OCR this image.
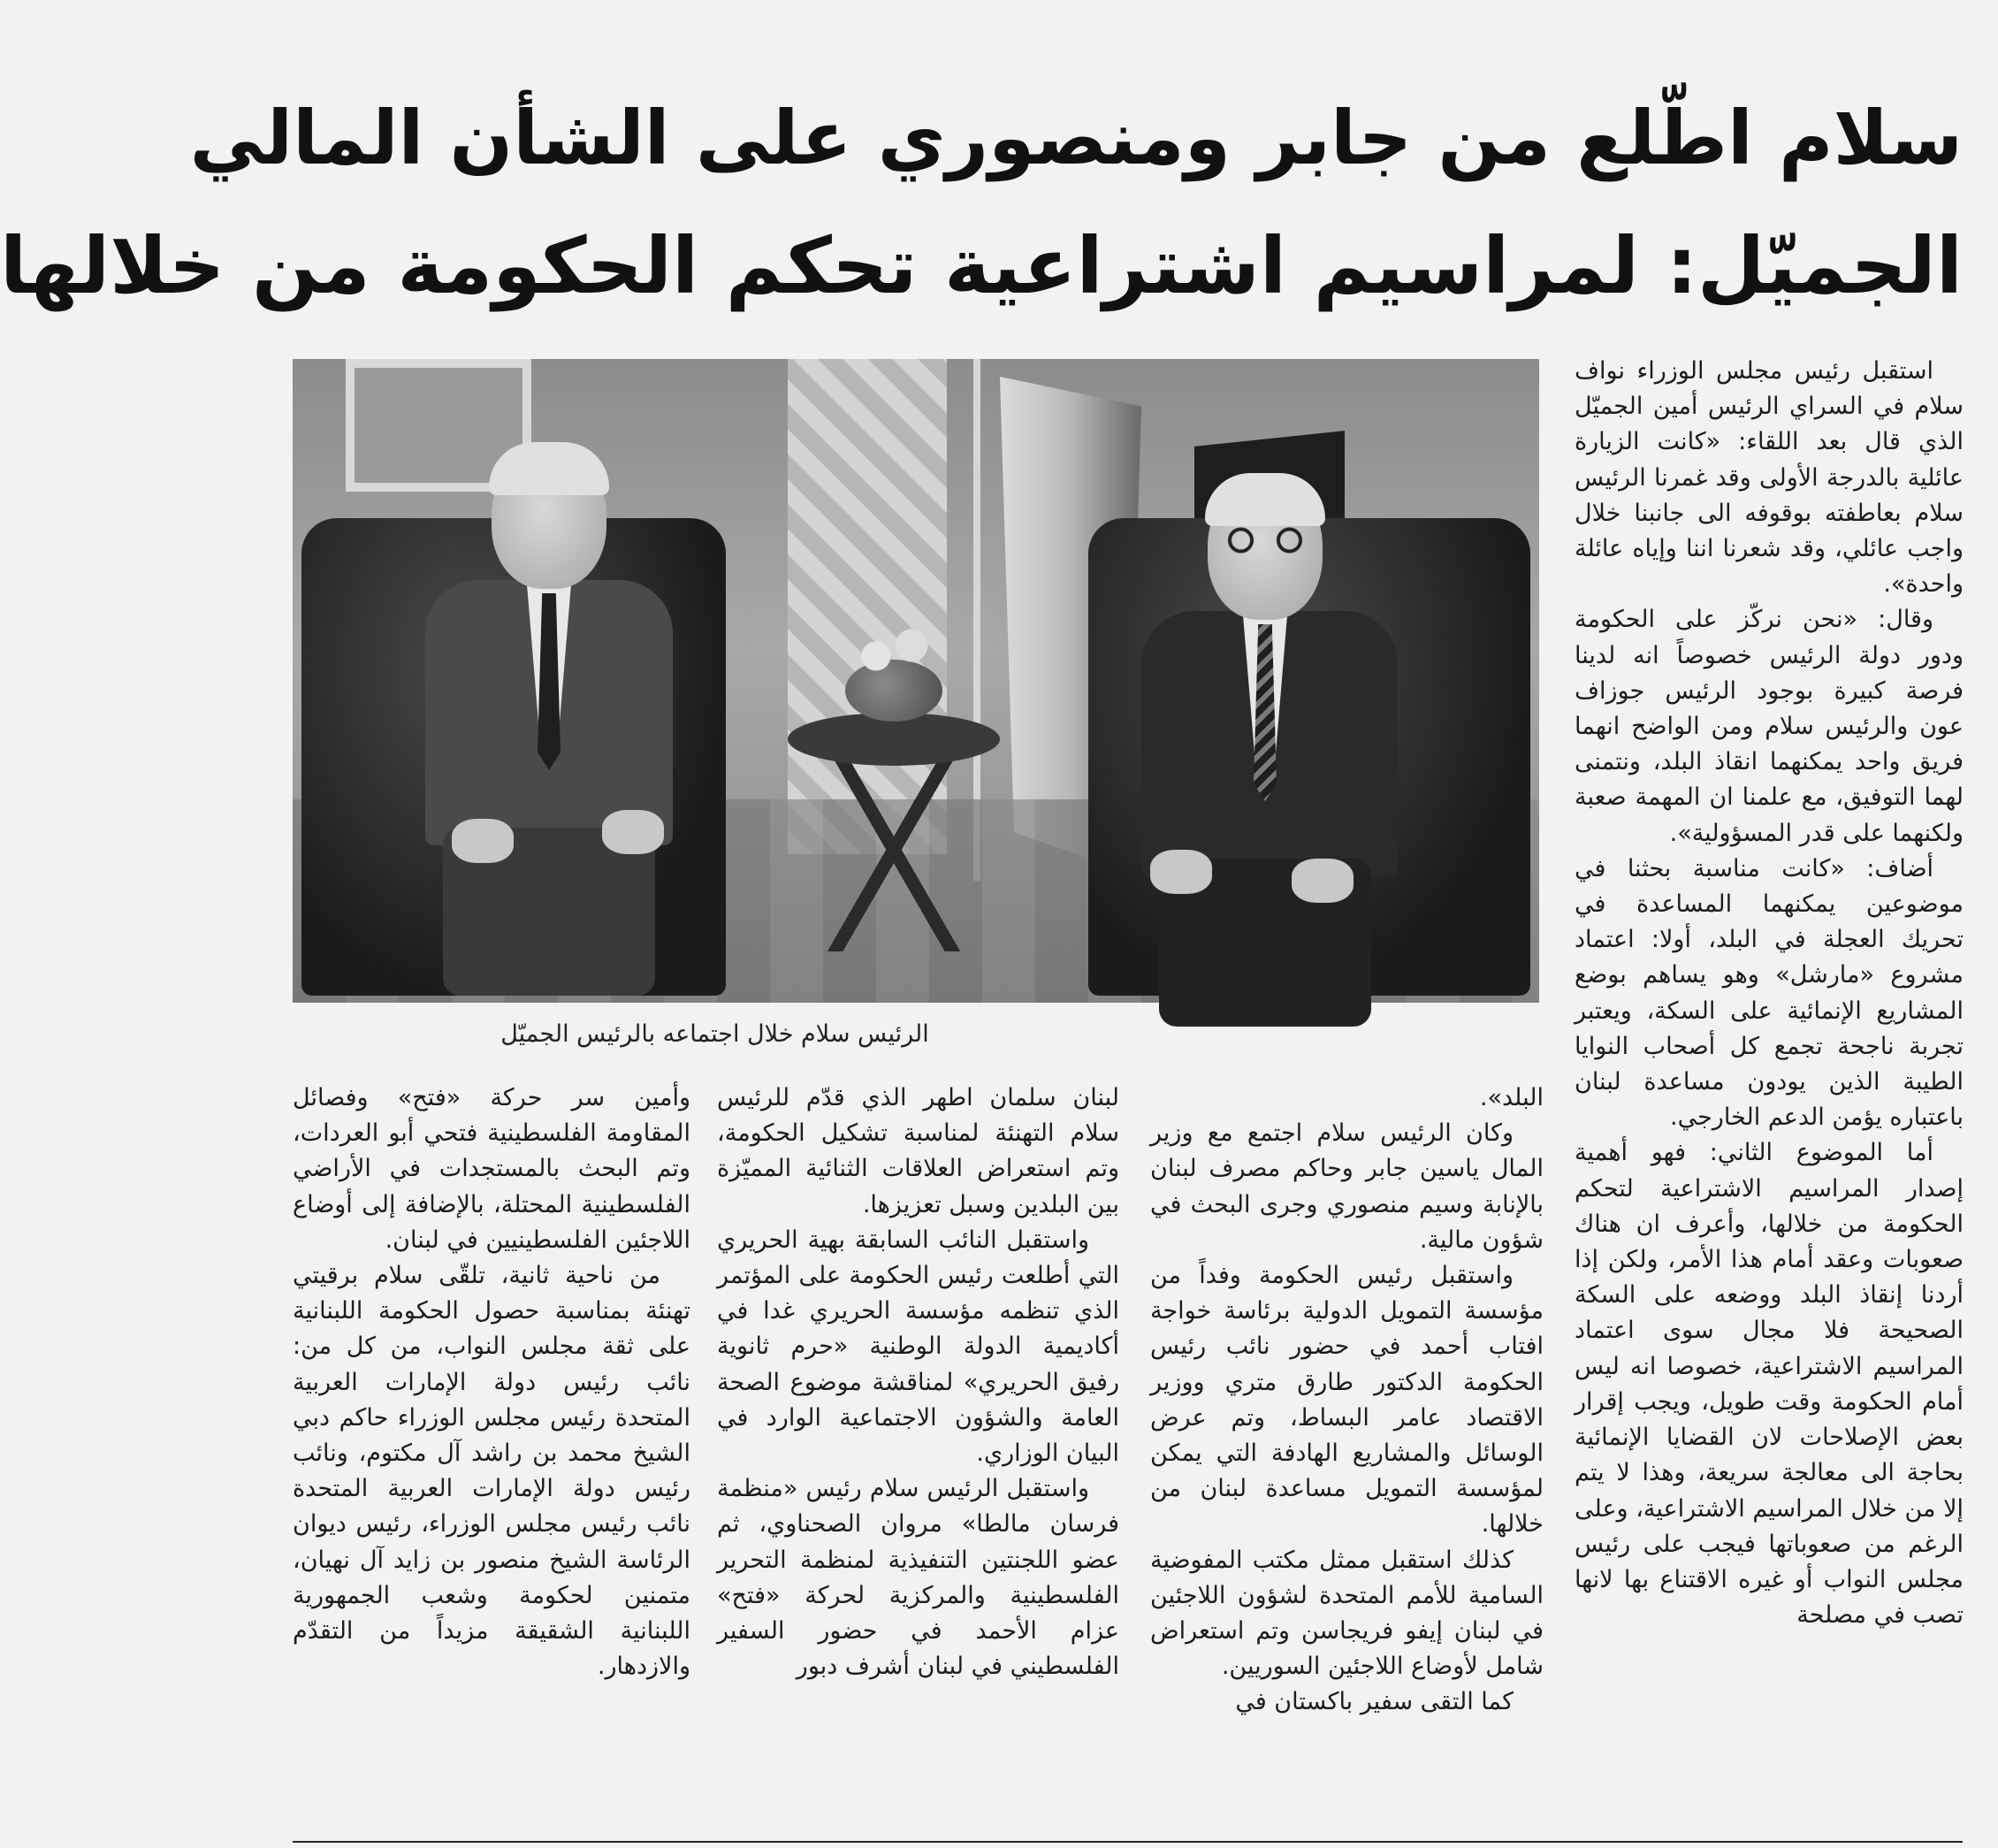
سلام اطّلع من جابر ومنصوري على الشأن المالي
الجميّل: لمراسيم اشتراعية تحكم الحكومة من خلالها

استقبل رئيس مجلس الوزراء نواف سلام في السراي الرئيس أمين الجميّل الذي قال بعد اللقاء: «كانت الزيارة عائلية بالدرجة الأولى وقد غمرنا الرئيس سلام بعاطفته بوقوفه الى جانبنا خلال واجب عائلي، وقد شعرنا اننا وإياه عائلة واحدة».

وقال: «نحن نركّز على الحكومة ودور دولة الرئيس خصوصاً انه لدينا فرصة كبيرة بوجود الرئيس جوزاف عون والرئيس سلام ومن الواضح انهما فريق واحد يمكنهما انقاذ البلد، ونتمنى لهما التوفيق، مع علمنا ان المهمة صعبة ولكنهما على قدر المسؤولية».

أضاف: «كانت مناسبة بحثنا في موضوعين يمكنهما المساعدة في تحريك العجلة في البلد، أولا: اعتماد مشروع «مارشل» وهو يساهم بوضع المشاريع الإنمائية على السكة، ويعتبر تجربة ناجحة تجمع كل أصحاب النوايا الطيبة الذين يودون مساعدة لبنان باعتباره يؤمن الدعم الخارجي.

أما الموضوع الثاني: فهو أهمية إصدار المراسيم الاشتراعية لتحكم الحكومة من خلالها، وأعرف ان هناك صعوبات وعقد أمام هذا الأمر، ولكن إذا أردنا إنقاذ البلد ووضعه على السكة الصحيحة فلا مجال سوى اعتماد المراسيم الاشتراعية، خصوصا انه ليس أمام الحكومة وقت طويل، ويجب إقرار بعض الإصلاحات لان القضايا الإنمائية بحاجة الى معالجة سريعة، وهذا لا يتم إلا من خلال المراسيم الاشتراعية، وعلى الرغم من صعوباتها فيجب على رئيس مجلس النواب أو غيره الاقتناع بها لانها تصب في مصلحة

الرئيس سلام خلال اجتماعه بالرئيس الجميّل

البلد».

وكان الرئيس سلام اجتمع مع وزير المال ياسين جابر وحاكم مصرف لبنان بالإنابة وسيم منصوري وجرى البحث في شؤون مالية.

واستقبل رئيس الحكومة وفداً من مؤسسة التمويل الدولية برئاسة خواجة افتاب أحمد في حضور نائب رئيس الحكومة الدكتور طارق متري ووزير الاقتصاد عامر البساط، وتم عرض الوسائل والمشاريع الهادفة التي يمكن لمؤسسة التمويل مساعدة لبنان من خلالها.

كذلك استقبل ممثل مكتب المفوضية السامية للأمم المتحدة لشؤون اللاجئين في لبنان إيفو فريجاسن وتم استعراض شامل لأوضاع اللاجئين السوريين.

كما التقى سفير باكستان في

لبنان سلمان اطهر الذي قدّم للرئيس سلام التهنئة لمناسبة تشكيل الحكومة، وتم استعراض العلاقات الثنائية المميّزة بين البلدين وسبل تعزيزها.

واستقبل النائب السابقة بهية الحريري التي أطلعت رئيس الحكومة على المؤتمر الذي تنظمه مؤسسة الحريري غدا في أكاديمية الدولة الوطنية «حرم ثانوية رفيق الحريري» لمناقشة موضوع الصحة العامة والشؤون الاجتماعية الوارد في البيان الوزاري.

واستقبل الرئيس سلام رئيس «منظمة فرسان مالطا» مروان الصحناوي، ثم عضو اللجنتين التنفيذية لمنظمة التحرير الفلسطينية والمركزية لحركة «فتح» عزام الأحمد في حضور السفير الفلسطيني في لبنان أشرف دبور

وأمين سر حركة «فتح» وفصائل المقاومة الفلسطينية فتحي أبو العردات، وتم البحث بالمستجدات في الأراضي الفلسطينية المحتلة، بالإضافة إلى أوضاع اللاجئين الفلسطينيين في لبنان.

من ناحية ثانية، تلقّى سلام برقيتي تهنئة بمناسبة حصول الحكومة اللبنانية على ثقة مجلس النواب، من كل من: نائب رئيس دولة الإمارات العربية المتحدة رئيس مجلس الوزراء حاكم دبي الشيخ محمد بن راشد آل مكتوم، ونائب رئيس دولة الإمارات العربية المتحدة نائب رئيس مجلس الوزراء، رئيس ديوان الرئاسة الشيخ منصور بن زايد آل نهيان، متمنين لحكومة وشعب الجمهورية اللبنانية الشقيقة مزيداً من التقدّم والازدهار.
